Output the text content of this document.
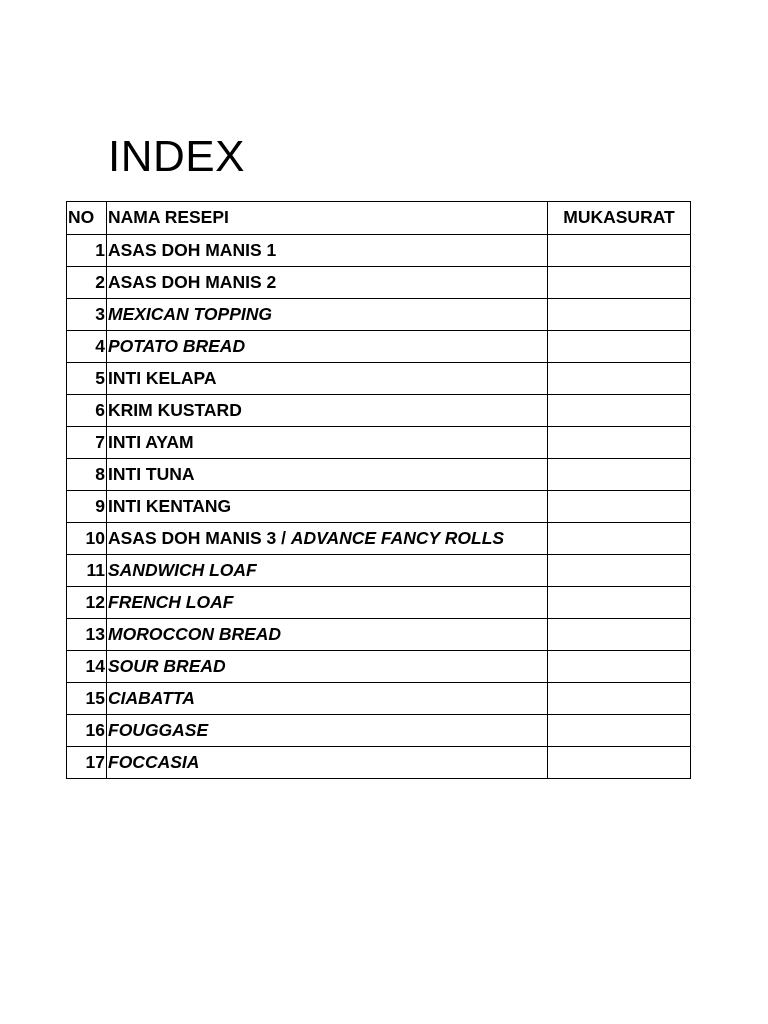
INDEX
NO	NAMA RESEPI	MUKASURAT
1	ASAS DOH MANIS 1	
2	ASAS DOH MANIS 2	
3	MEXICAN TOPPING	
4	POTATO BREAD	
5	INTI KELAPA	
6	KRIM KUSTARD	
7	INTI AYAM	
8	INTI TUNA	
9	INTI KENTANG	
10	ASAS DOH MANIS 3 / ADVANCE FANCY ROLLS	
11	SANDWICH LOAF	
12	FRENCH LOAF	
13	MOROCCON BREAD	
14	SOUR BREAD	
15	CIABATTA	
16	FOUGGASE	
17	FOCCASIA	
